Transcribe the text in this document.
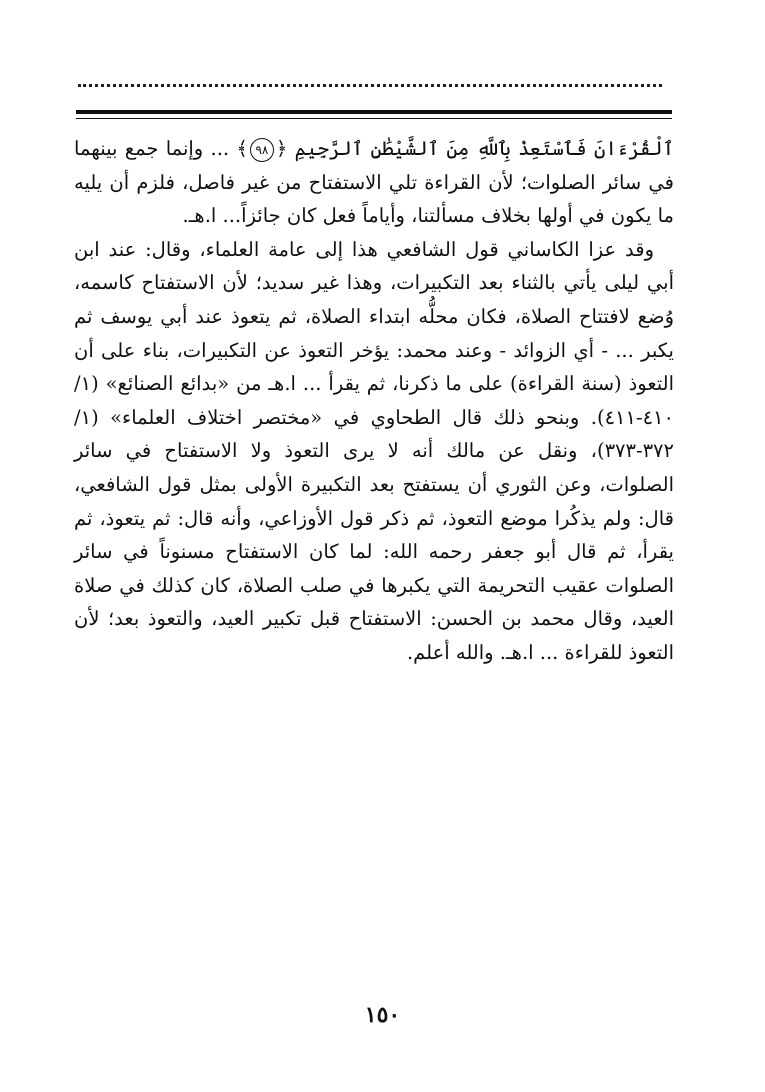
ٱلْقُرْءَانَ فَٱسْتَعِذْ بِٱللَّهِ مِنَ ٱلشَّيْطَٰنِ ٱلرَّجِيمِ ﴿٩٨﴾ ... وإنما جمع بينهما في سائر الصلوات؛ لأن القراءة تلي الاستفتاح من غير فاصل، فلزم أن يليه ما يكون في أولها بخلاف مسألتنا، وأياماً فعل كان جائزاً... ا.هـ.

وقد عزا الكاساني قول الشافعي هذا إلى عامة العلماء، وقال: عند ابن أبي ليلى يأتي بالثناء بعد التكبيرات، وهذا غير سديد؛ لأن الاستفتاح كاسمه، وُضع لافتتاح الصلاة، فكان محلُّه ابتداء الصلاة، ثم يتعوذ عند أبي يوسف ثم يكبر ... - أي الزوائد - وعند محمد: يؤخر التعوذ عن التكبيرات، بناء على أن التعوذ (سنة القراءة) على ما ذكرنا، ثم يقرأ ... ا.هـ من «بدائع الصنائع» (١/ ٤١٠-٤١١). وبنحو ذلك قال الطحاوي في «مختصر اختلاف العلماء» (١/ ٣٧٢-٣٧٣)، ونقل عن مالك أنه لا يرى التعوذ ولا الاستفتاح في سائر الصلوات، وعن الثوري أن يستفتح بعد التكبيرة الأولى بمثل قول الشافعي، قال: ولم يذكُرا موضع التعوذ، ثم ذكر قول الأوزاعي، وأنه قال: ثم يتعوذ، ثم يقرأ، ثم قال أبو جعفر رحمه الله: لما كان الاستفتاح مسنوناً في سائر الصلوات عقيب التحريمة التي يكبرها في صلب الصلاة، كان كذلك في صلاة العيد، وقال محمد بن الحسن: الاستفتاح قبل تكبير العيد، والتعوذ بعد؛ لأن التعوذ للقراءة ... ا.هـ. والله أعلم.

١٥٠
